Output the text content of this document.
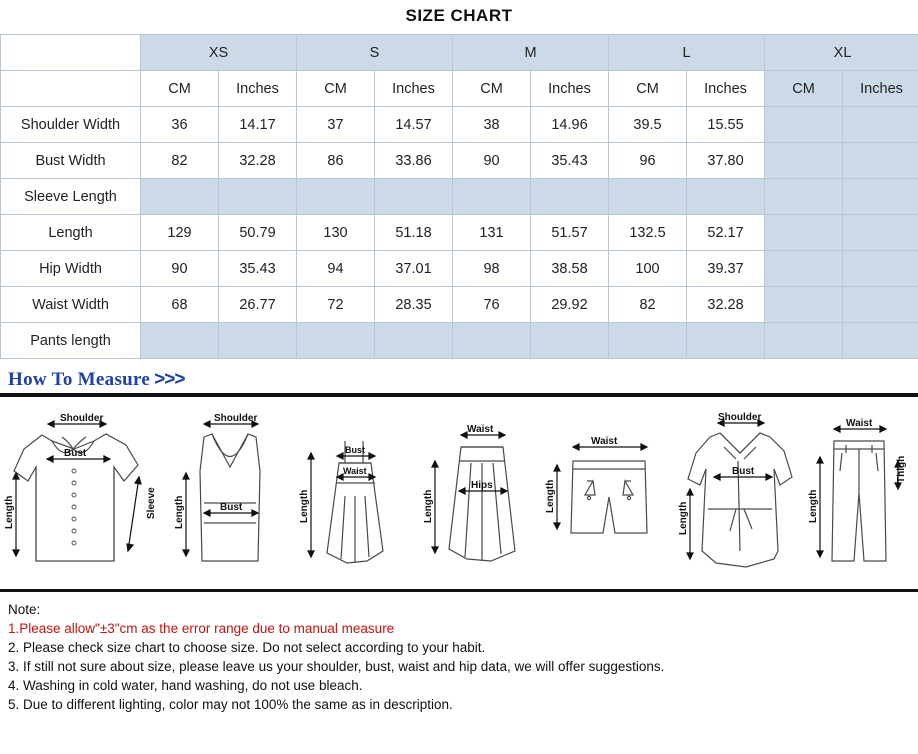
SIZE CHART
	XS		S		M		L		XL	
	CM	Inches	CM	Inches	CM	Inches	CM	Inches	CM	Inches
Shoulder Width	36	14.17	37	14.57	38	14.96	39.5	15.55		
Bust Width	82	32.28	86	33.86	90	35.43	96	37.80		
Sleeve Length										
Length	129	50.79	130	51.18	131	51.57	132.5	52.17		
Hip Width	90	35.43	94	37.01	98	38.58	100	39.37		
Waist Width	68	26.77	72	28.35	76	29.92	82	32.28		
Pants length										
How To Measure >>>
Shoulder
Bust
Sleeve
Length
Shoulder
Bust
Length
Bust
Waist
Length
Waist
Hips
Length
Waist
Length
Shoulder
Bust
Length
Waist
Thigh
Length
Note:
1.Please allow"±3"cm as the error range due to manual measure
2. Please check size chart to choose size. Do not select according to your habit.
3. If still not sure about size, please leave us your shoulder, bust, waist and hip data, we will offer suggestions.
4. Washing in cold water, hand washing, do not use bleach.
5. Due to different lighting, color may not 100% the same as in description.
